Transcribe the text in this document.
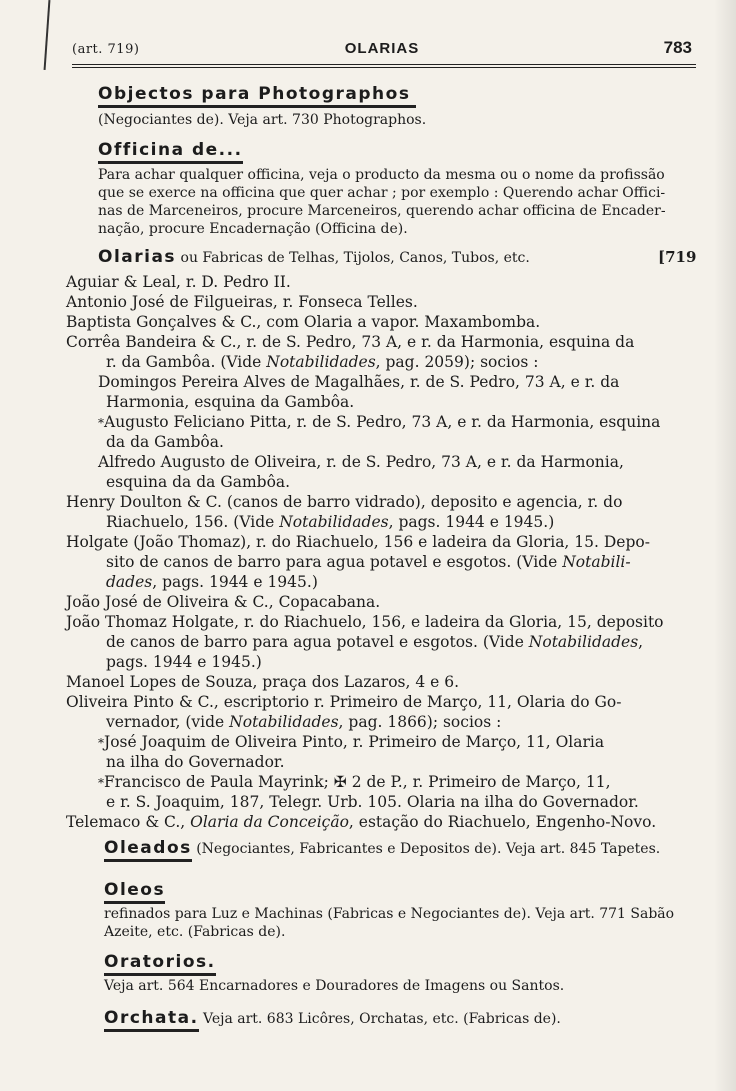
(art. 719)	OLARIAS	783
Objectos para Photographos
(Negociantes de). Veja art. 730 Photographos.
Officina de...
Para achar qualquer officina, veja o producto da mesma ou o nome da profissão
que se exerce na officina que quer achar ; por exemplo : Querendo achar Offici-
nas de Marceneiros, procure Marceneiros, querendo achar officina de Encader-
nação, procure Encadernação (Officina de).
Olarias ou Fabricas de Telhas, Tijolos, Canos, Tubos, etc.	[719
Aguiar & Leal, r. D. Pedro II.
Antonio José de Filgueiras, r. Fonseca Telles.
Baptista Gonçalves & C., com Olaria a vapor. Maxambomba.
Corrêa Bandeira & C., r. de S. Pedro, 73 A, e r. da Harmonia, esquina da
r. da Gambôa. (Vide Notabilidades, pag. 2059); socios :
Domingos Pereira Alves de Magalhães, r. de S. Pedro, 73 A, e r. da
Harmonia, esquina da Gambôa.
*Augusto Feliciano Pitta, r. de S. Pedro, 73 A, e r. da Harmonia, esquina
da da Gambôa.
Alfredo Augusto de Oliveira, r. de S. Pedro, 73 A, e r. da Harmonia,
esquina da da Gambôa.
Henry Doulton & C. (canos de barro vidrado), deposito e agencia, r. do
Riachuelo, 156. (Vide Notabilidades, pags. 1944 e 1945.)
Holgate (João Thomaz), r. do Riachuelo, 156 e ladeira da Gloria, 15. Depo-
sito de canos de barro para agua potavel e esgotos. (Vide Notabili-
dades, pags. 1944 e 1945.)
João José de Oliveira & C., Copacabana.
João Thomaz Holgate, r. do Riachuelo, 156, e ladeira da Gloria, 15, deposito
de canos de barro para agua potavel e esgotos. (Vide Notabilidades,
pags. 1944 e 1945.)
Manoel Lopes de Souza, praça dos Lazaros, 4 e 6.
Oliveira Pinto & C., escriptorio r. Primeiro de Março, 11, Olaria do Go-
vernador, (vide Notabilidades, pag. 1866); socios :
*José Joaquim de Oliveira Pinto, r. Primeiro de Março, 11, Olaria
na ilha do Governador.
*Francisco de Paula Mayrink; ✠ 2 de P., r. Primeiro de Março, 11,
e r. S. Joaquim, 187, Telegr. Urb. 105. Olaria na ilha do Governador.
Telemaco & C., Olaria da Conceição, estação do Riachuelo, Engenho-Novo.
Oleados (Negociantes, Fabricantes e Depositos de). Veja art. 845 Tapetes.
Oleos
refinados para Luz e Machinas (Fabricas e Negociantes de). Veja art. 771 Sabão
Azeite, etc. (Fabricas de).
Oratorios.
Veja art. 564 Encarnadores e Douradores de Imagens ou Santos.
Orchata. Veja art. 683 Licôres, Orchatas, etc. (Fabricas de).
